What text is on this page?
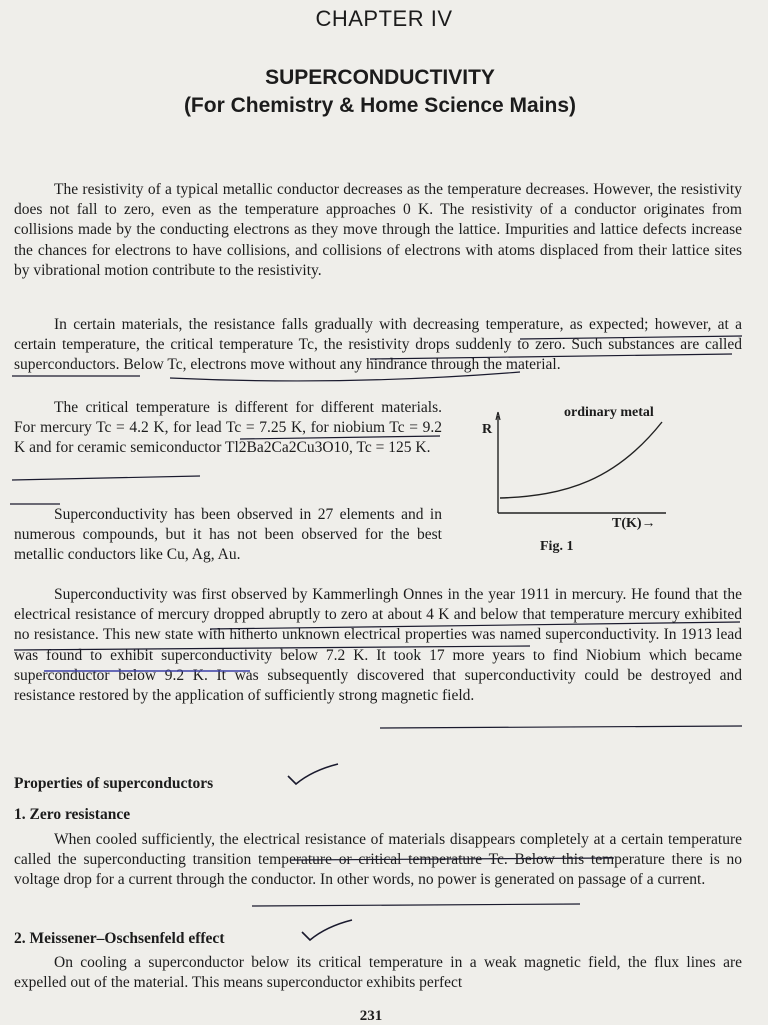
CHAPTER IV
SUPERCONDUCTIVITY
(For Chemistry & Home Science Mains)
The resistivity of a typical metallic conductor decreases as the temperature decreases. However, the resistivity does not fall to zero, even as the temperature approaches 0 K. The resistivity of a conductor originates from collisions made by the conducting electrons as they move through the lattice. Impurities and lattice defects increase the chances for electrons to have collisions, and collisions of electrons with atoms displaced from their lattice sites by vibrational motion contribute to the resistivity.
In certain materials, the resistance falls gradually with decreasing temperature, as expected; however, at a certain temperature, the critical temperature Tc, the resistivity drops suddenly to zero. Such substances are called superconductors. Below Tc, electrons move without any hindrance through the material.
The critical temperature is different for different materials. For mercury Tc = 4.2 K, for lead Tc = 7.25 K, for niobium Tc = 9.2 K and for ceramic semiconductor Tl2Ba2Ca2Cu3O10, Tc = 125 K.
Superconductivity has been observed in 27 elements and in numerous compounds, but it has not been observed for the best metallic conductors like Cu, Ag, Au.
Superconductivity was first observed by Kammerlingh Onnes in the year 1911 in mercury. He found that the electrical resistance of mercury dropped abruptly to zero at about 4 K and below that temperature mercury exhibited no resistance. This new state with hitherto unknown electrical properties was named superconductivity. In 1913 lead was found to exhibit superconductivity below 7.2 K. It took 17 more years to find Niobium which became superconductor below 9.2 K. It was subsequently discovered that superconductivity could be destroyed and resistance restored by the application of sufficiently strong magnetic field.
ordinary metal
R
T(K)→
Fig. 1
Properties of superconductors
1. Zero resistance
When cooled sufficiently, the electrical resistance of materials disappears completely at a certain temperature called the superconducting transition temperature or critical temperature Tc. Below this temperature there is no voltage drop for a current through the conductor. In other words, no power is generated on passage of a current.
2. Meissener–Oschsenfeld effect
On cooling a superconductor below its critical temperature in a weak magnetic field, the flux lines are expelled out of the material. This means superconductor exhibits perfect
231
